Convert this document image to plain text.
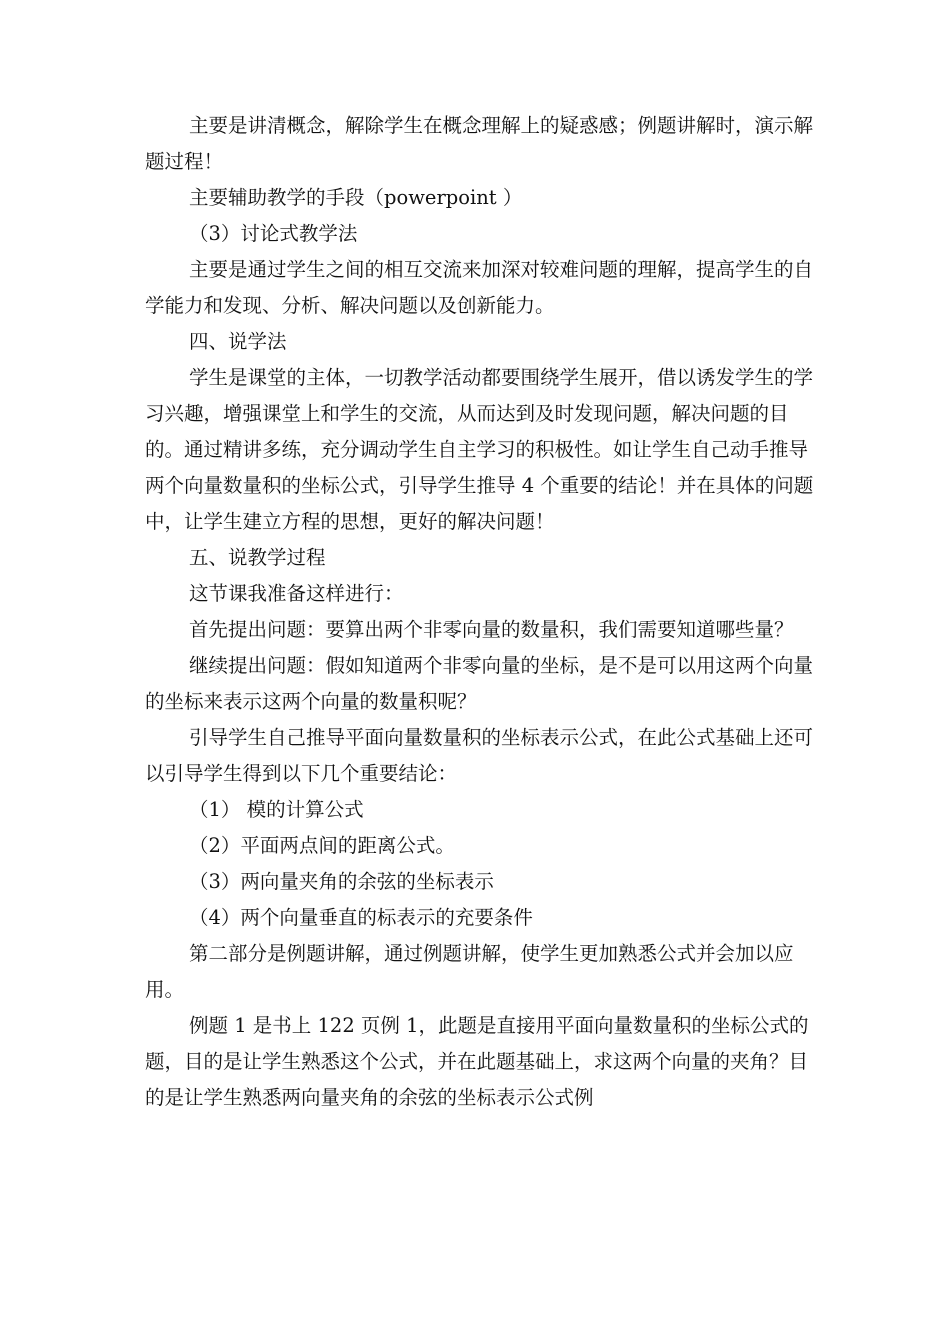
主要是讲清概念，解除学生在概念理解上的疑惑感；例题讲解时，演示解题过程！

主要辅助教学的手段（powerpoint ）

（3）讨论式教学法

主要是通过学生之间的相互交流来加深对较难问题的理解，提高学生的自学能力和发现、分析、解决问题以及创新能力。

四、说学法

学生是课堂的主体，一切教学活动都要围绕学生展开，借以诱发学生的学习兴趣，增强课堂上和学生的交流，从而达到及时发现问题，解决问题的目的。通过精讲多练，充分调动学生自主学习的积极性。如让学生自己动手推导两个向量数量积的坐标公式，引导学生推导 4 个重要的结论！并在具体的问题中，让学生建立方程的思想，更好的解决问题！

五、说教学过程

这节课我准备这样进行：

首先提出问题：要算出两个非零向量的数量积，我们需要知道哪些量？

继续提出问题：假如知道两个非零向量的坐标，是不是可以用这两个向量的坐标来表示这两个向量的数量积呢？

引导学生自己推导平面向量数量积的坐标表示公式，在此公式基础上还可以引导学生得到以下几个重要结论：

（1） 模的计算公式

（2）平面两点间的距离公式。

（3）两向量夹角的余弦的坐标表示

（4）两个向量垂直的标表示的充要条件

第二部分是例题讲解，通过例题讲解，使学生更加熟悉公式并会加以应用。

例题 1 是书上 122 页例 1，此题是直接用平面向量数量积的坐标公式的题，目的是让学生熟悉这个公式，并在此题基础上，求这两个向量的夹角？目的是让学生熟悉两向量夹角的余弦的坐标表示公式例
